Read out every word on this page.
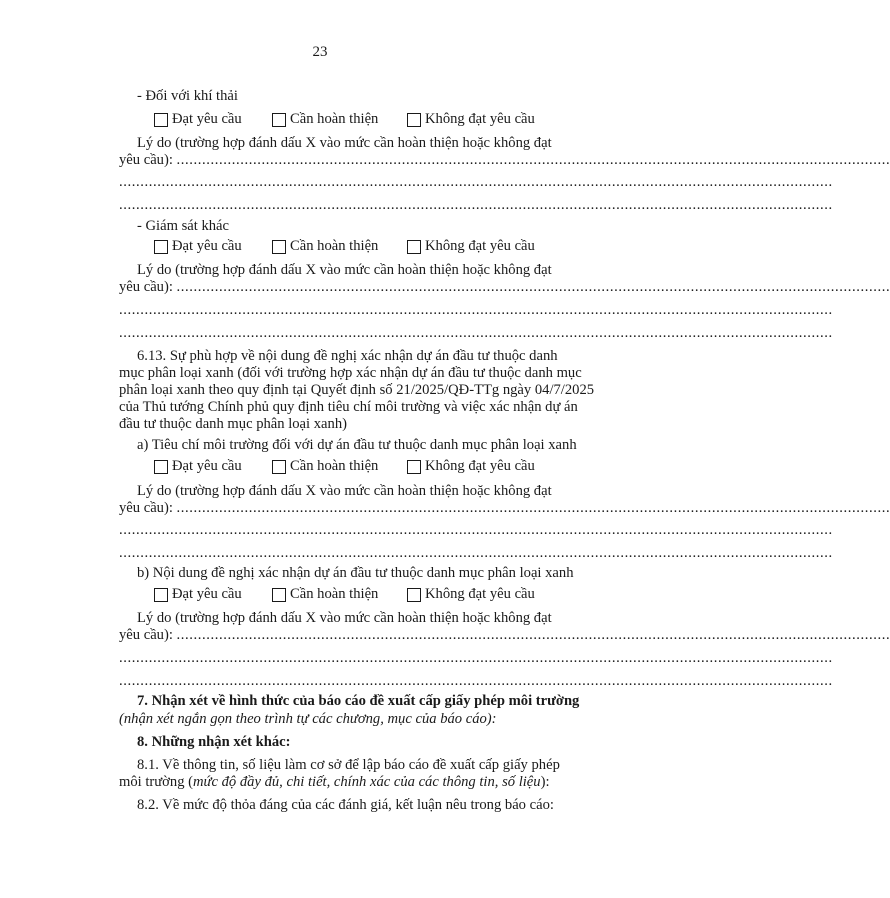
23
- Đối với khí thải
Đạt yêu cầu	Cần hoàn thiện	Không đạt yêu cầu
Lý do (trường hợp đánh dấu X vào mức cần hoàn thiện hoặc không đạt
yêu cầu): ........................................................................................................................................................................
........................................................................................................................................................................
........................................................................................................................................................................
- Giám sát khác
Đạt yêu cầu	Cần hoàn thiện	Không đạt yêu cầu
Lý do (trường hợp đánh dấu X vào mức cần hoàn thiện hoặc không đạt
yêu cầu): ........................................................................................................................................................................
........................................................................................................................................................................
........................................................................................................................................................................
6.13. Sự phù hợp về nội dung đề nghị xác nhận dự án đầu tư thuộc danh
mục phân loại xanh (đối với trường hợp xác nhận dự án đầu tư thuộc danh mục
phân loại xanh theo quy định tại Quyết định số 21/2025/QĐ-TTg ngày 04/7/2025
của Thủ tướng Chính phủ quy định tiêu chí môi trường và việc xác nhận dự án
đầu tư thuộc danh mục phân loại xanh)
a) Tiêu chí môi trường đối với dự án đầu tư thuộc danh mục phân loại xanh
Đạt yêu cầu	Cần hoàn thiện	Không đạt yêu cầu
Lý do (trường hợp đánh dấu X vào mức cần hoàn thiện hoặc không đạt
yêu cầu): ........................................................................................................................................................................
........................................................................................................................................................................
........................................................................................................................................................................
b) Nội dung đề nghị xác nhận dự án đầu tư thuộc danh mục phân loại xanh
Đạt yêu cầu	Cần hoàn thiện	Không đạt yêu cầu
Lý do (trường hợp đánh dấu X vào mức cần hoàn thiện hoặc không đạt
yêu cầu): ........................................................................................................................................................................
........................................................................................................................................................................
........................................................................................................................................................................
7. Nhận xét về hình thức của báo cáo đề xuất cấp giấy phép môi trường
(nhận xét ngắn gọn theo trình tự các chương, mục của báo cáo):
8. Những nhận xét khác:
8.1. Về thông tin, số liệu làm cơ sở để lập báo cáo đề xuất cấp giấy phép
môi trường (mức độ đầy đủ, chi tiết, chính xác của các thông tin, số liệu):
8.2. Về mức độ thỏa đáng của các đánh giá, kết luận nêu trong báo cáo:
